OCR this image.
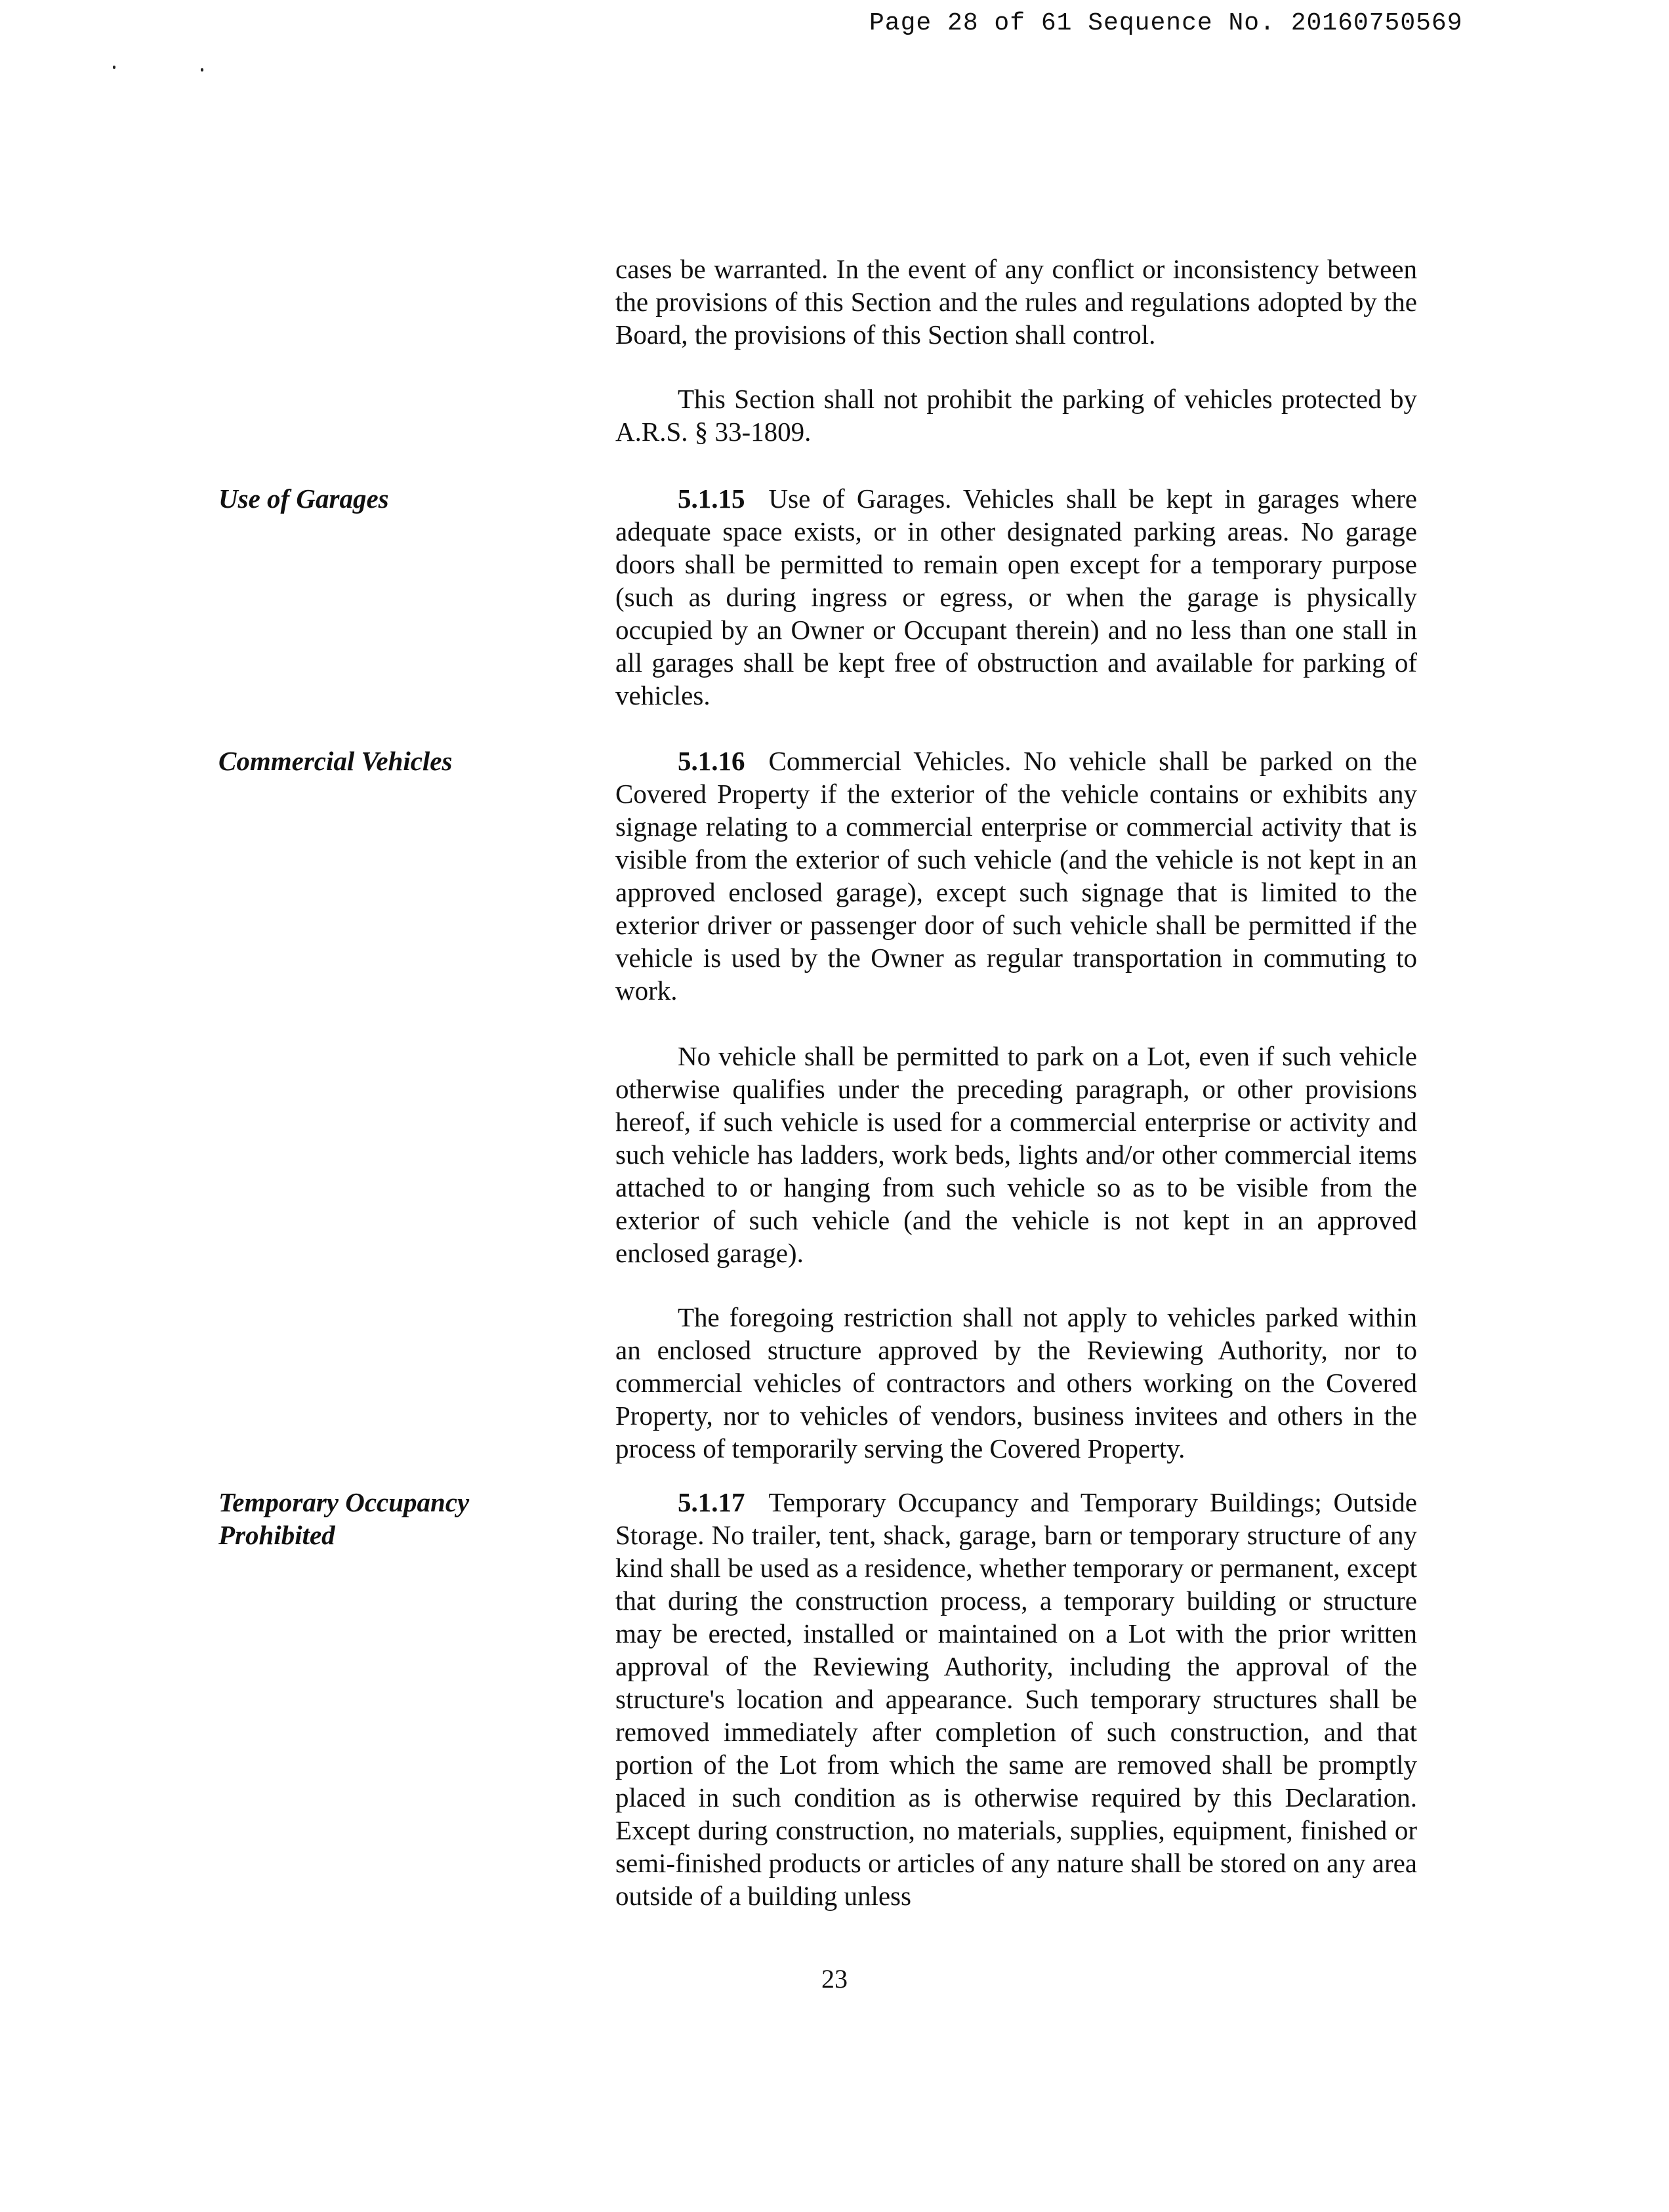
Page 28 of 61 Sequence No. 20160750569
Use of Garages
Commercial Vehicles
Temporary Occupancy
Prohibited

cases be warranted. In the event of any conflict or inconsistency between the provisions of this Section and the rules and regulations adopted by the Board, the provisions of this Section shall control.

This Section shall not prohibit the parking of vehicles protected by A.R.S. § 33-1809.

5.1.15 Use of Garages. Vehicles shall be kept in garages where adequate space exists, or in other designated parking areas. No garage doors shall be permitted to remain open except for a temporary purpose (such as during ingress or egress, or when the garage is physically occupied by an Owner or Occupant therein) and no less than one stall in all garages shall be kept free of obstruction and available for parking of vehicles.

5.1.16 Commercial Vehicles. No vehicle shall be parked on the Covered Property if the exterior of the vehicle contains or exhibits any signage relating to a commercial enterprise or commercial activity that is visible from the exterior of such vehicle (and the vehicle is not kept in an approved enclosed garage), except such signage that is limited to the exterior driver or passenger door of such vehicle shall be permitted if the vehicle is used by the Owner as regular transportation in commuting to work.

No vehicle shall be permitted to park on a Lot, even if such vehicle otherwise qualifies under the preceding paragraph, or other provisions hereof, if such vehicle is used for a commercial enterprise or activity and such vehicle has ladders, work beds, lights and/or other commercial items attached to or hanging from such vehicle so as to be visible from the exterior of such vehicle (and the vehicle is not kept in an approved enclosed garage).

The foregoing restriction shall not apply to vehicles parked within an enclosed structure approved by the Reviewing Authority, nor to commercial vehicles of contractors and others working on the Covered Property, nor to vehicles of vendors, business invitees and others in the process of temporarily serving the Covered Property.

5.1.17 Temporary Occupancy and Temporary Buildings; Outside Storage. No trailer, tent, shack, garage, barn or temporary structure of any kind shall be used as a residence, whether temporary or permanent, except that during the construction process, a temporary building or structure may be erected, installed or maintained on a Lot with the prior written approval of the Reviewing Authority, including the approval of the structure's location and appearance. Such temporary structures shall be removed immediately after completion of such construction, and that portion of the Lot from which the same are removed shall be promptly placed in such condition as is otherwise required by this Declaration. Except during construction, no materials, supplies, equipment, finished or semi-finished products or articles of any nature shall be stored on any area outside of a building unless

23
